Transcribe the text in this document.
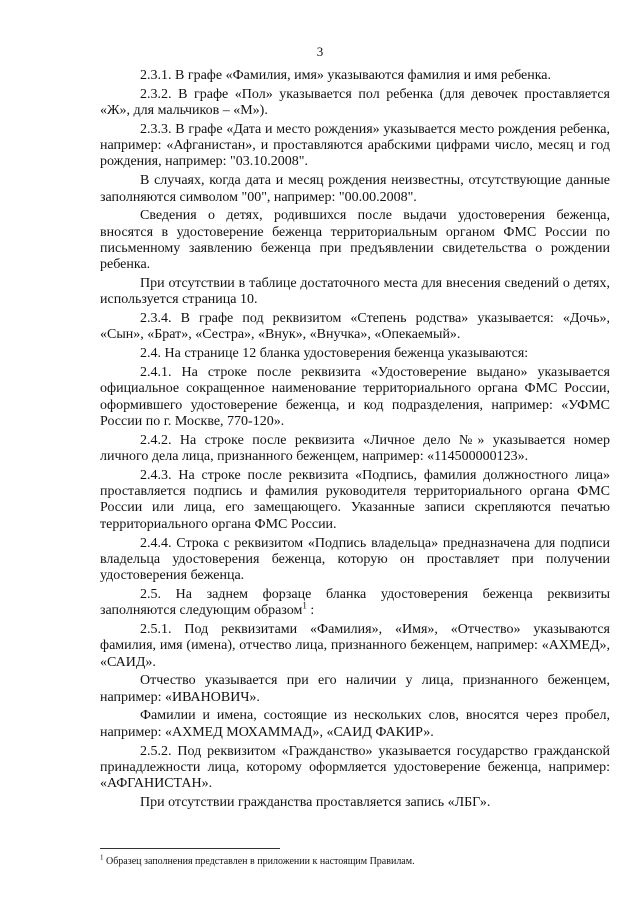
3

2.3.1. В графе «Фамилия, имя» указываются фамилия и имя ребенка.

2.3.2. В графе «Пол» указывается пол ребенка (для девочек проставляется «Ж», для мальчиков – «М»).

2.3.3. В графе «Дата и место рождения» указывается место рождения ребенка, например: «Афганистан», и проставляются арабскими цифрами число, месяц и год рождения, например: "03.10.2008".

В случаях, когда дата и месяц рождения неизвестны, отсутствующие данные заполняются символом "00", например: "00.00.2008".

Сведения о детях, родившихся после выдачи удостоверения беженца, вносятся в удостоверение беженца территориальным органом ФМС России по письменному заявлению беженца при предъявлении свидетельства о рождении ребенка.

При отсутствии в таблице достаточного места для внесения сведений о детях, используется страница 10.

2.3.4. В графе под реквизитом «Степень родства» указывается: «Дочь», «Сын», «Брат», «Сестра», «Внук», «Внучка», «Опекаемый».

2.4. На странице 12 бланка удостоверения беженца указываются:

2.4.1. На строке после реквизита «Удостоверение выдано» указывается официальное сокращенное наименование территориального органа ФМС России, оформившего удостоверение беженца, и код подразделения, например: «УФМС России по г. Москве, 770-120».

2.4.2. На строке после реквизита «Личное дело №» указывается номер личного дела лица, признанного беженцем, например: «114500000123».

2.4.3. На строке после реквизита «Подпись, фамилия должностного лица» проставляется подпись и фамилия руководителя территориального органа ФМС России или лица, его замещающего. Указанные записи скрепляются печатью территориального органа ФМС России.

2.4.4. Строка с реквизитом «Подпись владельца» предназначена для подписи владельца удостоверения беженца, которую он проставляет при получении удостоверения беженца.

2.5. На заднем форзаце бланка удостоверения беженца реквизиты заполняются следующим образом$^1$ :

2.5.1. Под реквизитами «Фамилия», «Имя», «Отчество» указываются фамилия, имя (имена), отчество лица, признанного беженцем, например: «АХМЕД», «САИД».

Отчество указывается при его наличии у лица, признанного беженцем, например: «ИВАНОВИЧ».

Фамилии и имена, состоящие из нескольких слов, вносятся через пробел, например: «АХМЕД МОХАММАД», «САИД ФАКИР».

2.5.2. Под реквизитом «Гражданство» указывается государство гражданской принадлежности лица, которому оформляется удостоверение беженца, например: «АФГАНИСТАН».

При отсутствии гражданства проставляется запись «ЛБГ».

$^1$ Образец заполнения представлен в приложении к настоящим Правилам.
